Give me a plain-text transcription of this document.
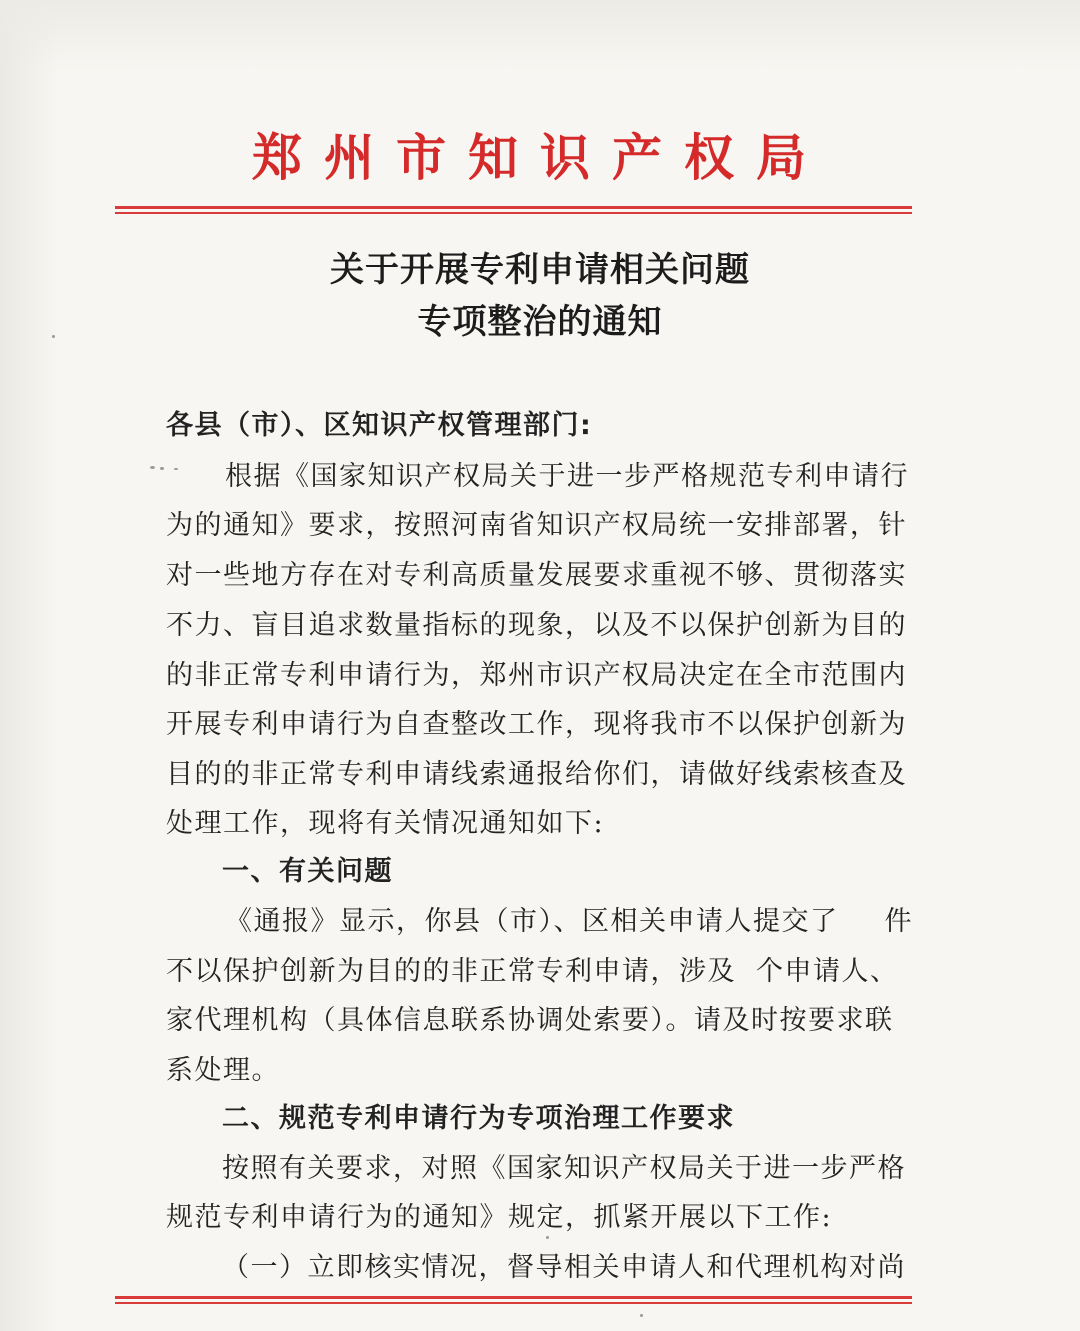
郑州市知识产权局
关于开展专利申请相关问题
专项整治的通知
各县（市）、区知识产权管理部门:
根据《国家知识产权局关于进一步严格规范专利申请行
为的通知》要求，按照河南省知识产权局统一安排部署，针
对一些地方存在对专利高质量发展要求重视不够、贯彻落实
不力、盲目追求数量指标的现象，以及不以保护创新为目的
的非正常专利申请行为，郑州市识产权局决定在全市范围内
开展专利申请行为自查整改工作，现将我市不以保护创新为
目的的非正常专利申请线索通报给你们，请做好线索核查及
处理工作，现将有关情况通知如下:
一、有关问题
《通报》显示，你县（市）、区相关申请人提交了 件
不以保护创新为目的的非正常专利申请，涉及 个申请人、
家代理机构（具体信息联系协调处索要）。请及时按要求联
系处理。
二、规范专利申请行为专项治理工作要求
按照有关要求，对照《国家知识产权局关于进一步严格
规范专利申请行为的通知》规定，抓紧开展以下工作:
（一）立即核实情况，督导相关申请人和代理机构对尚
